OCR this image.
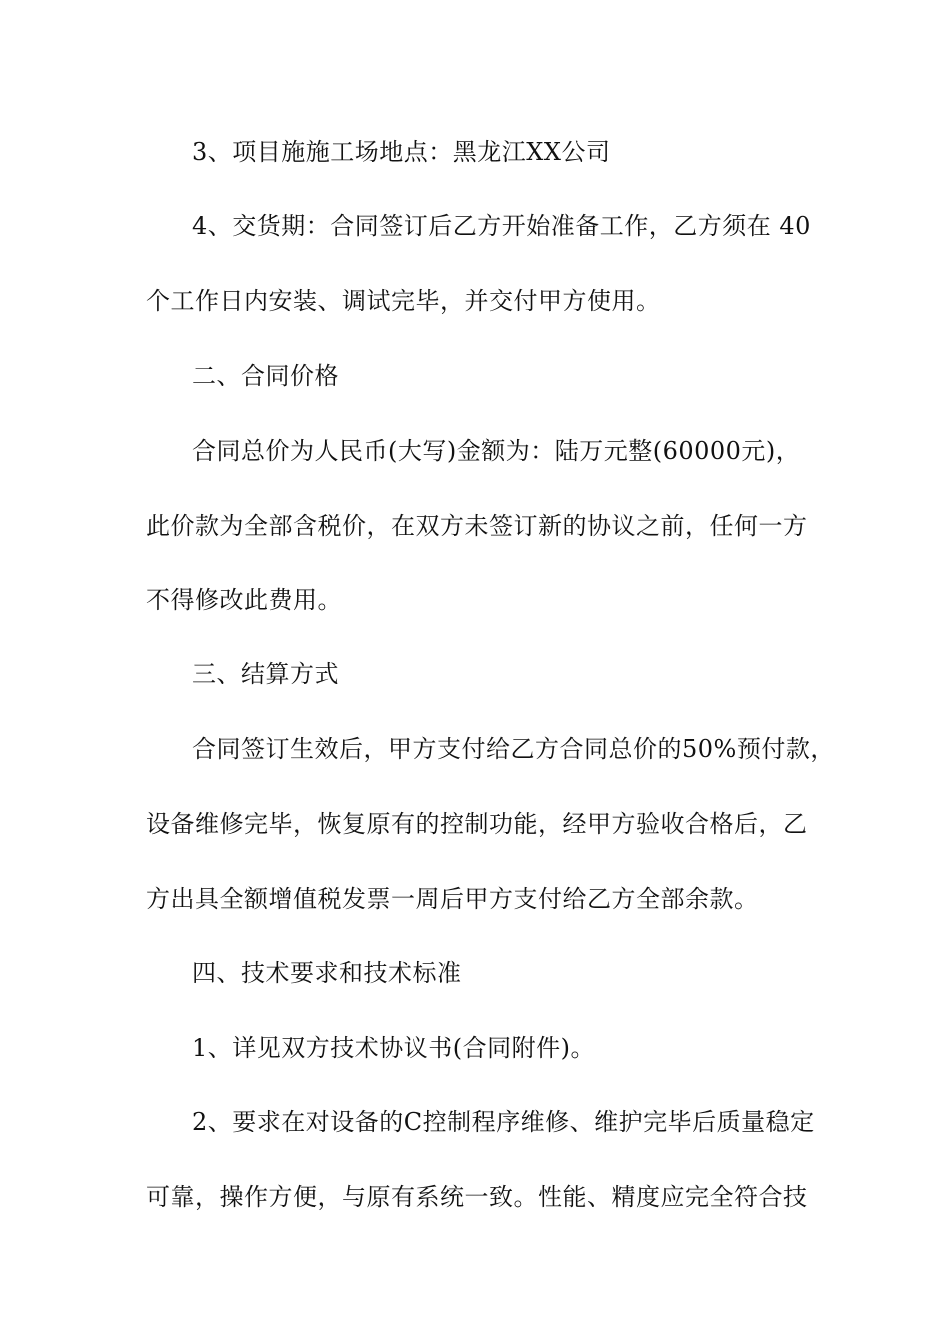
3、项目施施工场地点：黑龙江XX公司
4、交货期：合同签订后乙方开始准备工作，乙方须在 40
个工作日内安装、调试完毕，并交付甲方使用。
二、合同价格
合同总价为人民币(大写)金额为：陆万元整(60000元)，
此价款为全部含税价，在双方未签订新的协议之前，任何一方
不得修改此费用。
三、结算方式
合同签订生效后，甲方支付给乙方合同总价的50%预付款，
设备维修完毕，恢复原有的控制功能，经甲方验收合格后，乙
方出具全额增值税发票一周后甲方支付给乙方全部余款。
四、技术要求和技术标准
1、详见双方技术协议书(合同附件)。
2、要求在对设备的C控制程序维修、维护完毕后质量稳定
可靠，操作方便，与原有系统一致。性能、精度应完全符合技
